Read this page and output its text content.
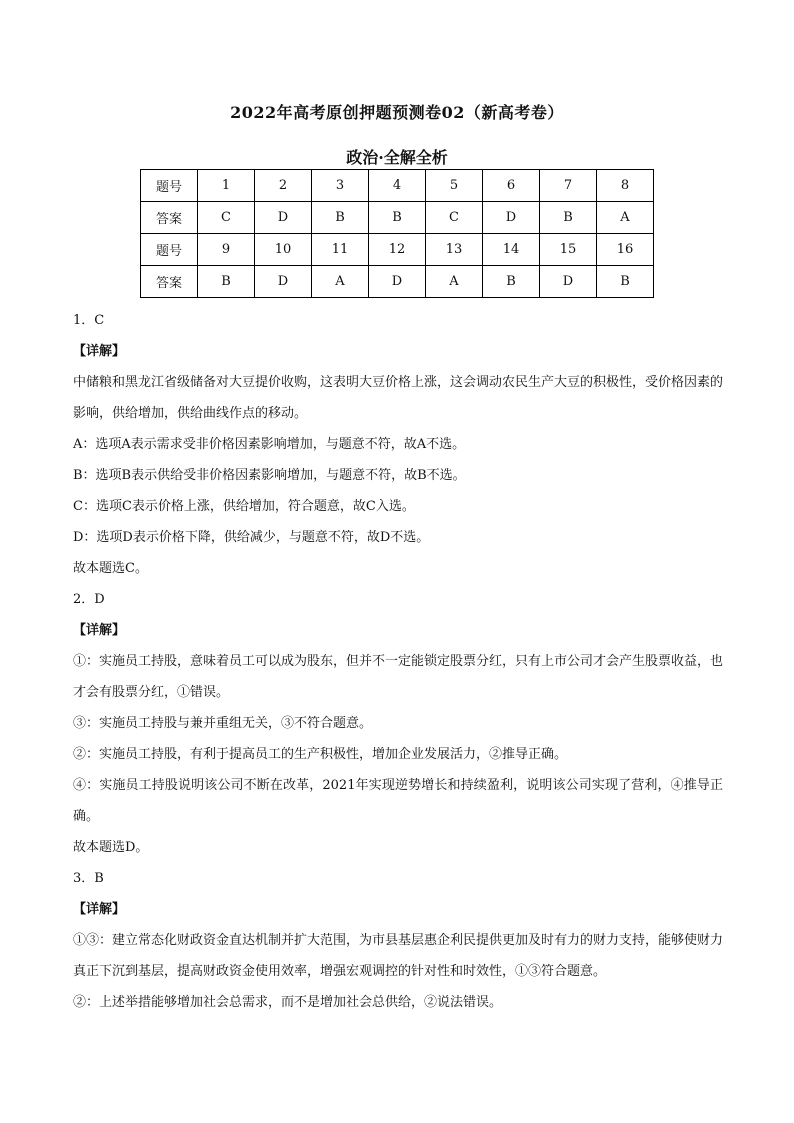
2022年高考原创押题预测卷02（新高考卷）
政治·全解全析
题号	1	2	3	4	5	6	7	8
答案	C	D	B	B	C	D	B	A
题号	9	10	11	12	13	14	15	16
答案	B	D	A	D	A	B	D	B

1．C

【详解】

中储粮和黑龙江省级储备对大豆提价收购，这表明大豆价格上涨，这会调动农民生产大豆的积极性，受价格因素的影响，供给增加，供给曲线作点的移动。

A：选项A表示需求受非价格因素影响增加，与题意不符，故A不选。

B：选项B表示供给受非价格因素影响增加，与题意不符，故B不选。

C：选项C表示价格上涨，供给增加，符合题意，故C入选。

D：选项D表示价格下降，供给减少，与题意不符，故D不选。

故本题选C。

2．D

【详解】

①：实施员工持股，意味着员工可以成为股东，但并不一定能锁定股票分红，只有上市公司才会产生股票收益，也才会有股票分红，①错误。

③：实施员工持股与兼并重组无关，③不符合题意。

②：实施员工持股，有利于提高员工的生产积极性，增加企业发展活力，②推导正确。

④：实施员工持股说明该公司不断在改革，2021年实现逆势增长和持续盈利，说明该公司实现了营利，④推导正确。

故本题选D。

3．B

【详解】

①③：建立常态化财政资金直达机制并扩大范围，为市县基层惠企利民提供更加及时有力的财力支持，能够使财力真正下沉到基层，提高财政资金使用效率，增强宏观调控的针对性和时效性，①③符合题意。

②：上述举措能够增加社会总需求，而不是增加社会总供给，②说法错误。
